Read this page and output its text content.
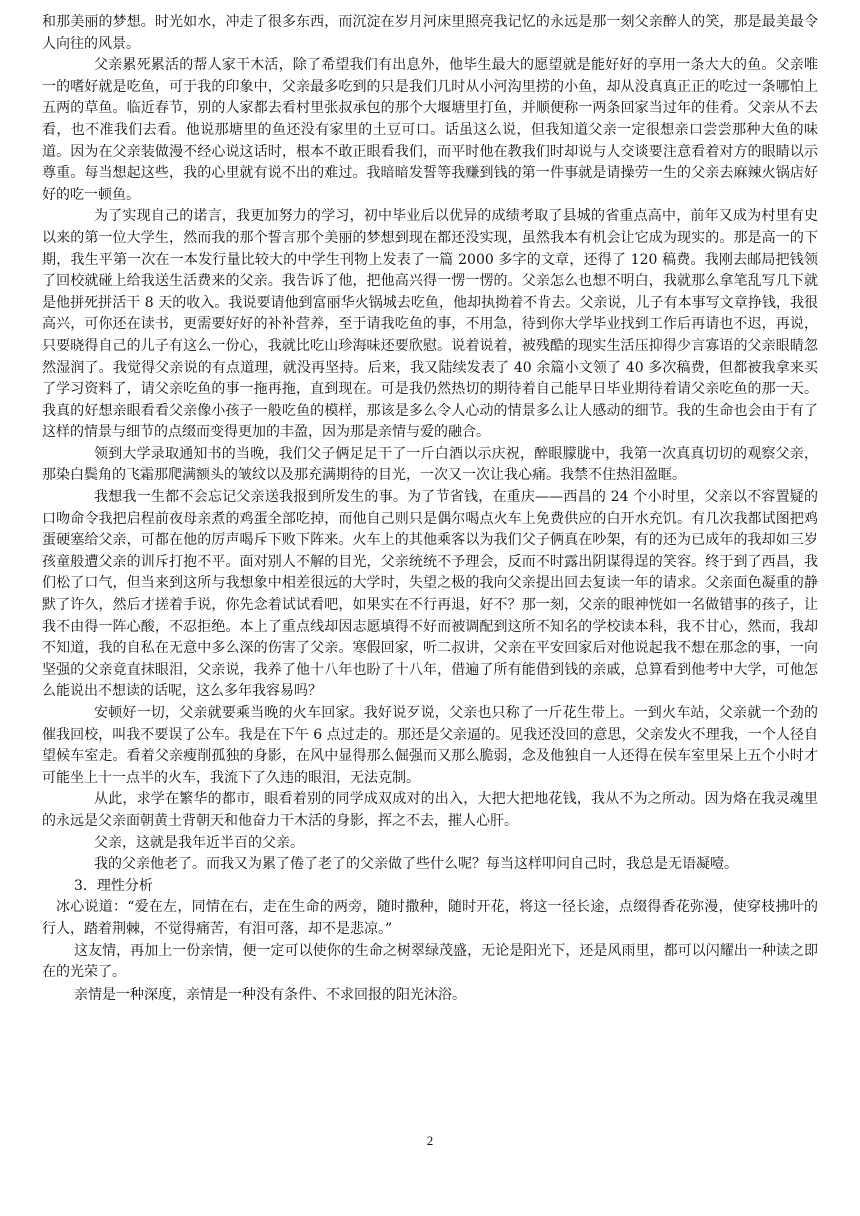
和那美丽的梦想。时光如水，冲走了很多东西，而沉淀在岁月河床里照亮我记忆的永远是那一刻父亲醉人的笑，那是最美最令人向往的风景。

父亲累死累活的帮人家干木活，除了希望我们有出息外，他毕生最大的愿望就是能好好的享用一条大大的鱼。父亲唯一的嗜好就是吃鱼，可于我的印象中，父亲最多吃到的只是我们几时从小河沟里捞的小鱼，却从没真真正正的吃过一条哪怕上五两的草鱼。临近春节，别的人家都去看村里张叔承包的那个大堰塘里打鱼，并顺便称一两条回家当过年的佳肴。父亲从不去看，也不准我们去看。他说那塘里的鱼还没有家里的土豆可口。话虽这么说，但我知道父亲一定很想亲口尝尝那种大鱼的味道。因为在父亲装做漫不经心说这话时，根本不敢正眼看我们，而平时他在教我们时却说与人交谈要注意看着对方的眼睛以示尊重。每当想起这些，我的心里就有说不出的难过。我暗暗发誓等我赚到钱的第一件事就是请操劳一生的父亲去麻辣火锅店好好的吃一顿鱼。

为了实现自己的诺言，我更加努力的学习，初中毕业后以优异的成绩考取了县城的省重点高中，前年又成为村里有史以来的第一位大学生，然而我的那个誓言那个美丽的梦想到现在都还没实现，虽然我本有机会让它成为现实的。那是高一的下期，我生平第一次在一本发行量比较大的中学生刊物上发表了一篇 2000 多字的文章，还得了 120 稿费。我刚去邮局把钱领了回校就碰上给我送生活费来的父亲。我告诉了他，把他高兴得一愣一愣的。父亲怎么也想不明白，我就那么拿笔乱写几下就是他拼死拼活干 8 天的收入。我说要请他到富丽华火锅城去吃鱼，他却执拗着不肯去。父亲说，儿子有本事写文章挣钱，我很高兴，可你还在读书，更需要好好的补补营养，至于请我吃鱼的事，不用急，待到你大学毕业找到工作后再请也不迟，再说，只要晓得自己的儿子有这么一份心，我就比吃山珍海味还要欣慰。说着说着，被残酷的现实生活压抑得少言寡语的父亲眼睛忽然湿润了。我觉得父亲说的有点道理，就没再坚持。后来，我又陆续发表了 40 余篇小文领了 40 多次稿费，但都被我拿来买了学习资料了，请父亲吃鱼的事一拖再拖，直到现在。可是我仍然热切的期待着自己能早日毕业期待着请父亲吃鱼的那一天。我真的好想亲眼看看父亲像小孩子一般吃鱼的模样，那该是多么令人心动的情景多么让人感动的细节。我的生命也会由于有了这样的情景与细节的点缀而变得更加的丰盈，因为那是亲情与爱的融合。

领到大学录取通知书的当晚，我们父子俩足足干了一斤白酒以示庆祝，醉眼朦胧中，我第一次真真切切的观察父亲，那染白鬓角的飞霜那爬满额头的皱纹以及那充满期待的目光，一次又一次让我心痛。我禁不住热泪盈眶。

我想我一生都不会忘记父亲送我报到所发生的事。为了节省钱，在重庆——西昌的 24 个小时里，父亲以不容置疑的口吻命令我把启程前夜母亲煮的鸡蛋全部吃掉，而他自己则只是偶尔喝点火车上免费供应的白开水充饥。有几次我都试图把鸡蛋硬塞给父亲，可都在他的厉声喝斥下败下阵来。火车上的其他乘客以为我们父子俩真在吵架，有的还为已成年的我却如三岁孩童般遭父亲的训斥打抱不平。面对别人不解的目光，父亲统统不予理会，反而不时露出阴谋得逞的笑容。终于到了西昌，我们松了口气，但当来到这所与我想象中相差很远的大学时，失望之极的我向父亲提出回去复读一年的请求。父亲面色凝重的静默了许久，然后才搓着手说，你先念着试试看吧，如果实在不行再退，好不？那一刻，父亲的眼神恍如一名做错事的孩子，让我不由得一阵心酸，不忍拒绝。本上了重点线却因志愿填得不好而被调配到这所不知名的学校读本科，我不甘心，然而，我却不知道，我的自私在无意中多么深的伤害了父亲。寒假回家，听二叔讲，父亲在平安回家后对他说起我不想在那念的事，一向坚强的父亲竟直抹眼泪，父亲说，我养了他十八年也盼了十八年，借遍了所有能借到钱的亲戚，总算看到他考中大学，可他怎么能说出不想读的话呢，这么多年我容易吗？

安顿好一切，父亲就要乘当晚的火车回家。我好说歹说，父亲也只称了一斤花生带上。一到火车站，父亲就一个劲的催我回校，叫我不要误了公车。我是在下午 6 点过走的。那还是父亲逼的。见我还没回的意思，父亲发火不理我，一个人径自望候车室走。看着父亲瘦削孤独的身影，在风中显得那么倔强而又那么脆弱，念及他独自一人还得在侯车室里呆上五个小时才可能坐上十一点半的火车，我流下了久违的眼泪，无法克制。

从此，求学在繁华的都市，眼看着别的同学成双成对的出入，大把大把地花钱，我从不为之所动。因为烙在我灵魂里的永远是父亲面朝黄土背朝天和他奋力干木活的身影，挥之不去，摧人心肝。

父亲，这就是我年近半百的父亲。

我的父亲他老了。而我又为累了倦了老了的父亲做了些什么呢？每当这样叩问自己时，我总是无语凝噎。

3．理性分析

冰心说道：“爱在左，同情在右，走在生命的两旁，随时撒种，随时开花，将这一径长途，点缀得香花弥漫，使穿枝拂叶的行人，踏着荆棘，不觉得痛苦，有泪可落，却不是悲凉。”

这友情，再加上一份亲情，便一定可以使你的生命之树翠绿茂盛，无论是阳光下，还是风雨里，都可以闪耀出一种读之即在的光荣了。

亲情是一种深度，亲情是一种没有条件、不求回报的阳光沐浴。

2
